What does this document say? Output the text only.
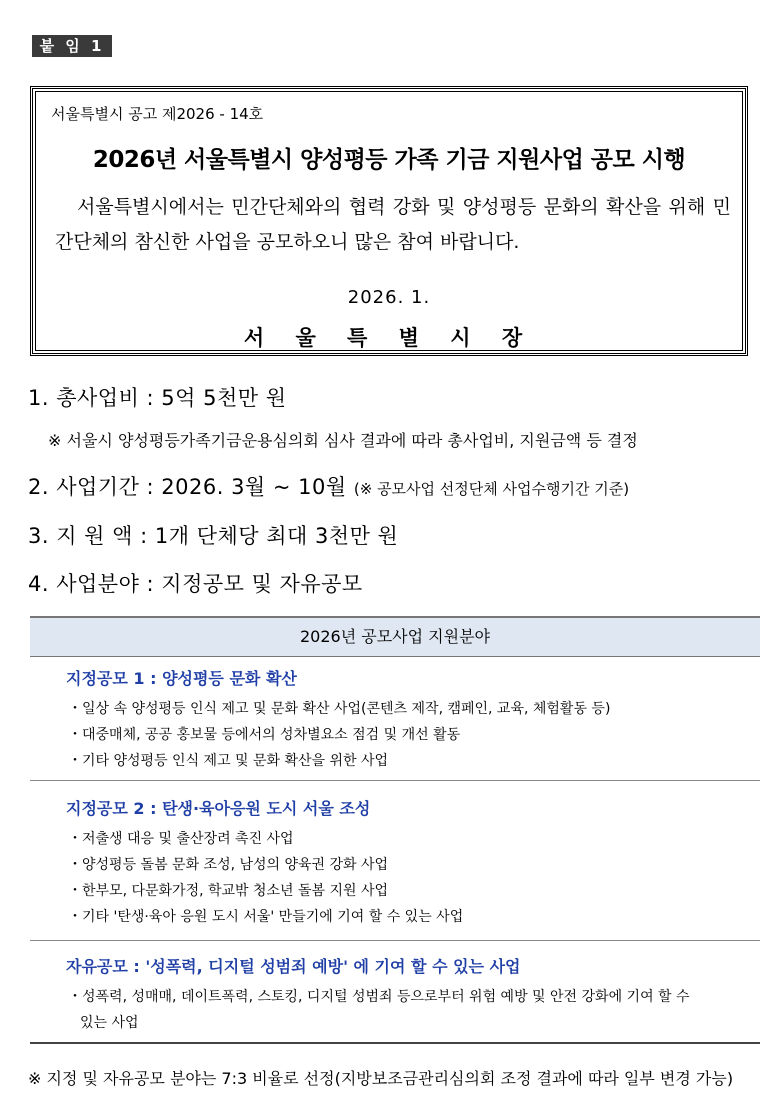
붙 임 1
서울특별시 공고 제2026 - 14호
2026년 서울특별시 양성평등 가족 기금 지원사업 공모 시행
서울특별시에서는 민간단체와의 협력 강화 및 양성평등 문화의 확산을 위해 민간단체의 참신한 사업을 공모하오니 많은 참여 바랍니다.
2026. 1.
서 울 특 별 시 장
1. 총사업비 : 5억 5천만 원
※ 서울시 양성평등가족기금운용심의회 심사 결과에 따라 총사업비, 지원금액 등 결정
2. 사업기간 : 2026. 3월 ~ 10월 (※ 공모사업 선정단체 사업수행기간 기준)
3. 지 원 액 : 1개 단체당 최대 3천만 원
4. 사업분야 : 지정공모 및 자유공모
2026년 공모사업 지원분야
지정공모 1 : 양성평등 문화 확산
・일상 속 양성평등 인식 제고 및 문화 확산 사업(콘텐츠 제작, 캠페인, 교육, 체험활동 등)
・대중매체, 공공 홍보물 등에서의 성차별요소 점검 및 개선 활동
・기타 양성평등 인식 제고 및 문화 확산을 위한 사업
지정공모 2 : 탄생·육아응원 도시 서울 조성
・저출생 대응 및 출산장려 촉진 사업
・양성평등 돌봄 문화 조성, 남성의 양육권 강화 사업
・한부모, 다문화가정, 학교밖 청소년 돌봄 지원 사업
・기타 '탄생·육아 응원 도시 서울' 만들기에 기여 할 수 있는 사업
자유공모 : '성폭력, 디지털 성범죄 예방' 에 기여 할 수 있는 사업
・성폭력, 성매매, 데이트폭력, 스토킹, 디지털 성범죄 등으로부터 위험 예방 및 안전 강화에 기여 할 수
있는 사업
※ 지정 및 자유공모 분야는 7:3 비율로 선정(지방보조금관리심의회 조정 결과에 따라 일부 변경 가능)
